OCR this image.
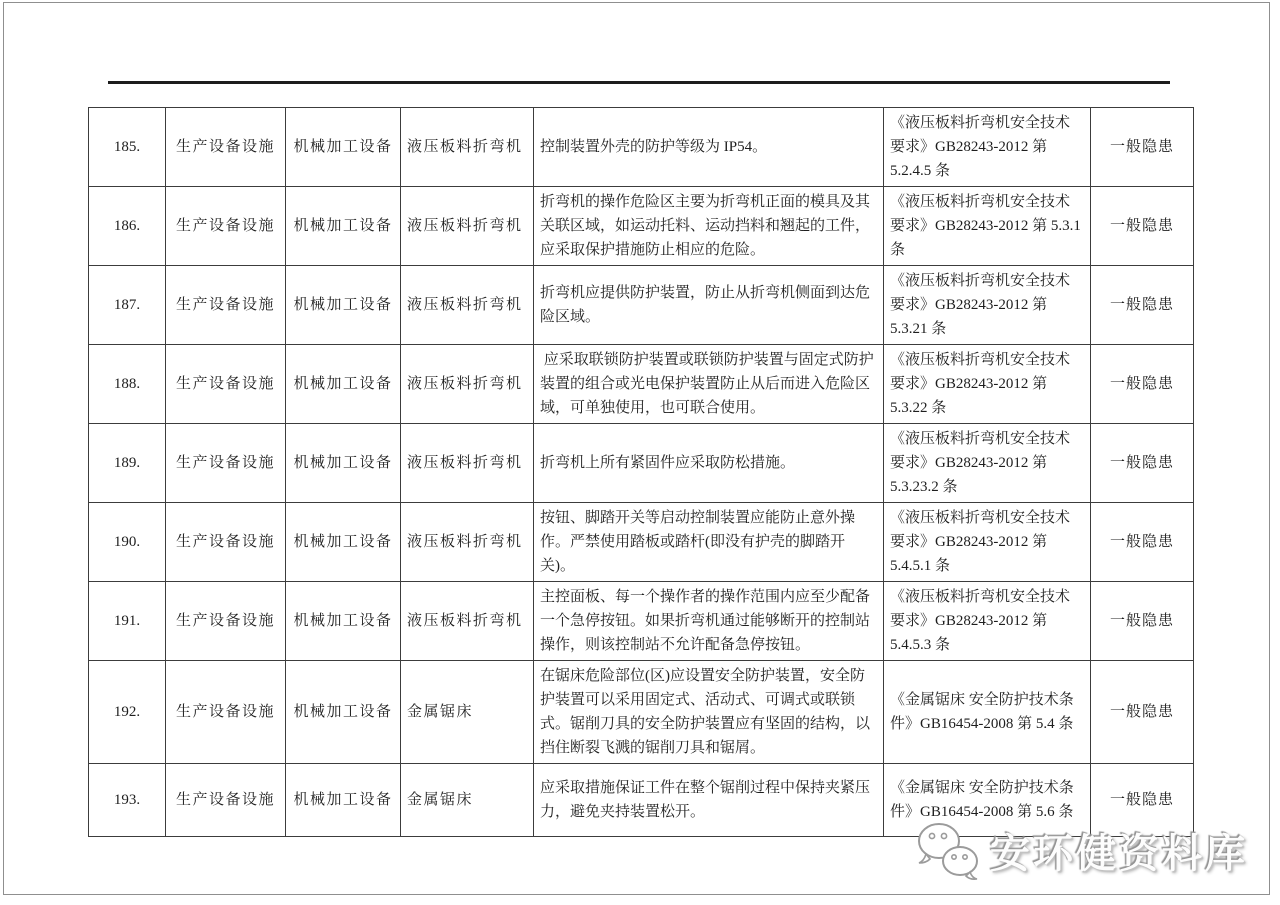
185.	生产设备设施	机械加工设备	液压板料折弯机	控制装置外壳的防护等级为 IP54。	《液压板料折弯机安全技术要求》GB28243-2012 第 5.2.4.5 条	一般隐患
186.	生产设备设施	机械加工设备	液压板料折弯机	折弯机的操作危险区主要为折弯机正面的模具及其关联区域，如运动托料、运动挡料和翘起的工件，应采取保护措施防止相应的危险。	《液压板料折弯机安全技术要求》GB28243-2012 第 5.3.1 条	一般隐患
187.	生产设备设施	机械加工设备	液压板料折弯机	折弯机应提供防护装置，防止从折弯机侧面到达危险区域。	《液压板料折弯机安全技术要求》GB28243-2012 第 5.3.21 条	一般隐患
188.	生产设备设施	机械加工设备	液压板料折弯机	应采取联锁防护装置或联锁防护装置与固定式防护装置的组合或光电保护装置防止从后而进入危险区域，可单独使用，也可联合使用。	《液压板料折弯机安全技术要求》GB28243-2012 第 5.3.22 条	一般隐患
189.	生产设备设施	机械加工设备	液压板料折弯机	折弯机上所有紧固件应采取防松措施。	《液压板料折弯机安全技术要求》GB28243-2012 第 5.3.23.2 条	一般隐患
190.	生产设备设施	机械加工设备	液压板料折弯机	按钮、脚踏开关等启动控制装置应能防止意外操作。严禁使用踏板或踏杆(即没有护壳的脚踏开关)。	《液压板料折弯机安全技术要求》GB28243-2012 第 5.4.5.1 条	一般隐患
191.	生产设备设施	机械加工设备	液压板料折弯机	主控面板、每一个操作者的操作范围内应至少配备一个急停按钮。如果折弯机通过能够断开的控制站操作，则该控制站不允许配备急停按钮。	《液压板料折弯机安全技术要求》GB28243-2012 第 5.4.5.3 条	一般隐患
192.	生产设备设施	机械加工设备	金属锯床	在锯床危险部位(区)应设置安全防护装置，安全防护装置可以采用固定式、活动式、可调式或联锁式。锯削刀具的安全防护装置应有坚固的结构，以挡住断裂飞溅的锯削刀具和锯屑。	《金属锯床 安全防护技术条件》GB16454-2008 第 5.4 条	一般隐患
193.	生产设备设施	机械加工设备	金属锯床	应采取措施保证工件在整个锯削过程中保持夹紧压力，避免夹持装置松开。	《金属锯床 安全防护技术条件》GB16454-2008 第 5.6 条	一般隐患
安环健资料库
